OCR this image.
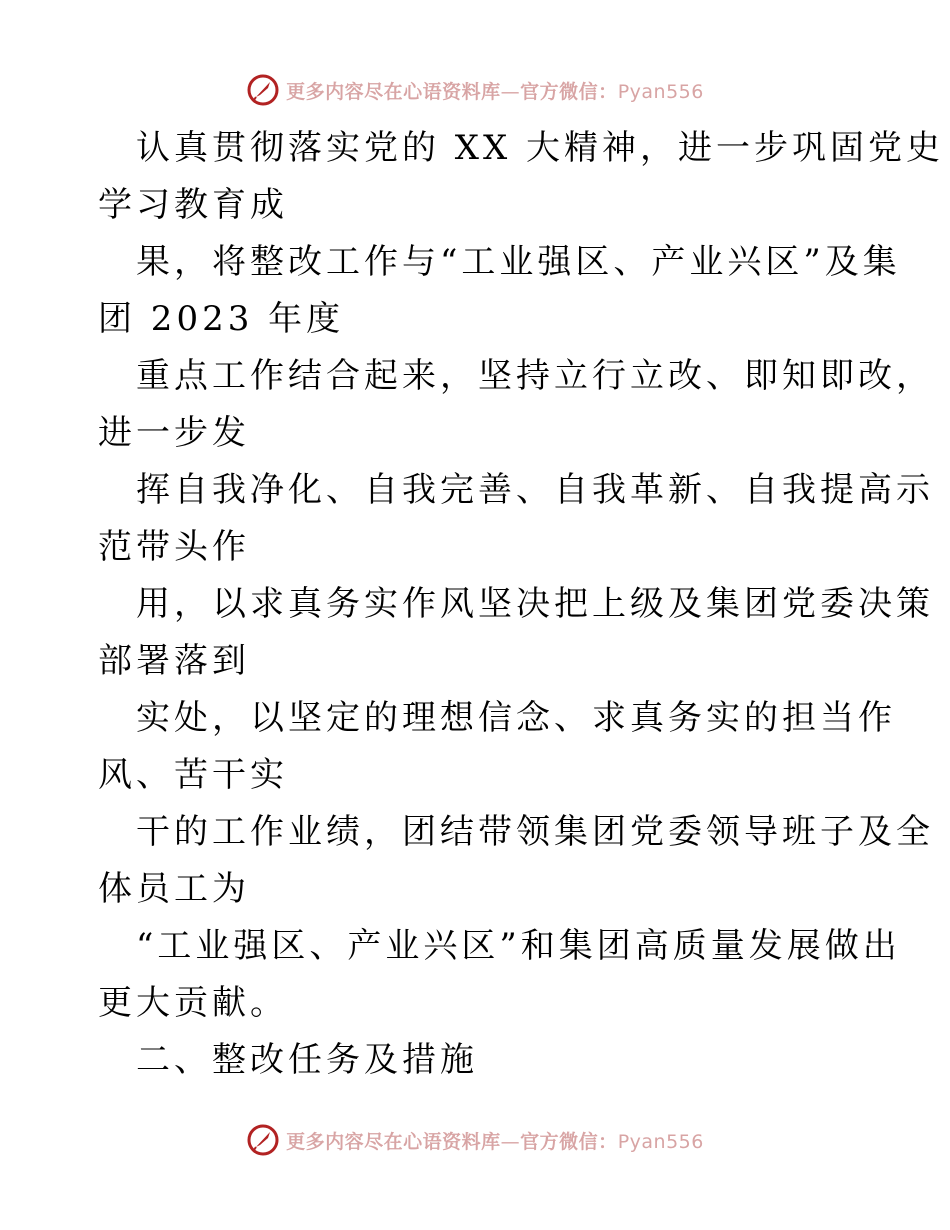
更多内容尽在心语资料库—官方微信：Pyan556
认真贯彻落实党的 XX 大精神，进一步巩固党史
学习教育成
果，将整改工作与“工业强区、产业兴区”及集
团 2023 年度
重点工作结合起来，坚持立行立改、即知即改，
进一步发
挥自我净化、自我完善、自我革新、自我提高示
范带头作
用，以求真务实作风坚决把上级及集团党委决策
部署落到
实处，以坚定的理想信念、求真务实的担当作
风、苦干实
干的工作业绩，团结带领集团党委领导班子及全
体员工为
“工业强区、产业兴区”和集团高质量发展做出
更大贡献。
二、整改任务及措施
更多内容尽在心语资料库—官方微信：Pyan556
